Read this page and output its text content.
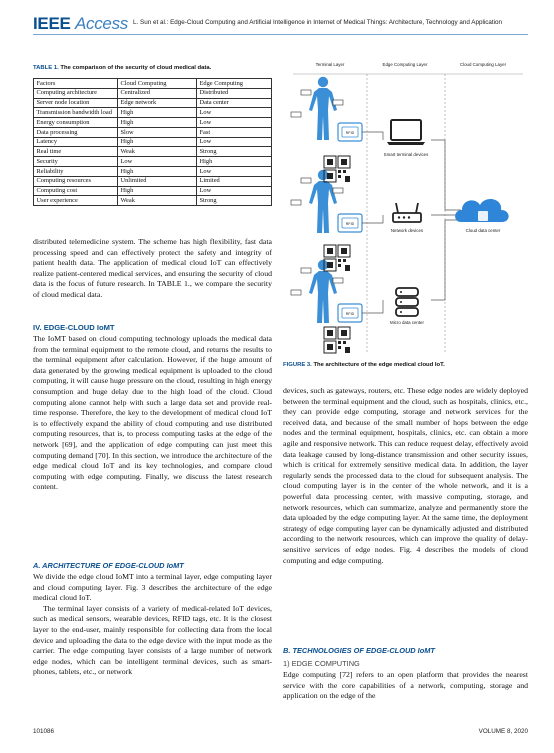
IEEE Access L. Sun et al.: Edge-Cloud Computing and Artificial Intelligence in Internet of Medical Things: Architecture, Technology and Application
TABLE 1. The comparison of the security of cloud medical data.
Factors	Cloud Computing	Edge Computing
Computing architecture	Centralized	Distributed
Server node location	Edge network	Data center
Transmission bandwidth load	High	Low
Energy consumption	High	Low
Data processing	Slow	Fast
Latency	High	Low
Real time	Weak	Strong
Security	Low	High
Reliability	High	Low
Computing resources	Unlimited	Limited
Computing cost	High	Low
User experience	Weak	Strong

distributed telemedicine system. The scheme has high flexibility, fast data processing speed and can effectively protect the safety and integrity of patient health data. The application of medical cloud IoT can effectively realize patient-centered medical services, and ensuring the security of cloud data is the focus of future research. In TABLE 1., we compare the security of cloud medical data.

IV. EDGE-CLOUD IoMT

The IoMT based on cloud computing technology uploads the medical data from the terminal equipment to the remote cloud, and returns the results to the terminal equipment after calculation. However, if the huge amount of data generated by the growing medical equipment is uploaded to the cloud computing, it will cause huge pressure on the cloud, resulting in high energy consumption and huge delay due to the high load of the cloud. Cloud computing alone cannot help with such a large data set and provide real-time response. Therefore, the key to the development of medical cloud IoT is to effectively expand the ability of cloud computing and use distributed computing resources, that is, to process computing tasks at the edge of the network [69], and the application of edge computing can just meet this computing demand [70]. In this section, we introduce the architecture of the edge medical cloud IoT and its key technologies, and compare cloud computing with edge computing. Finally, we discuss the latest research content.

A. ARCHITECTURE OF EDGE-CLOUD IoMT

We divide the edge cloud IoMT into a terminal layer, edge computing layer and cloud computing layer. Fig. 3 describes the architecture of the edge medical cloud IoT.

The terminal layer consists of a variety of medical-related IoT devices, such as medical sensors, wearable devices, RFID tags, etc. It is the closest layer to the end-user, mainly responsible for collecting data from the local device and uploading the data to the edge device with the input mode as the carrier. The edge computing layer consists of a large number of network edge nodes, which can be intelligent terminal devices, such as smart-phones, tablets, etc., or network

Terminal Layer	Edge Computing Layer	Cloud Computing Layer
RFID
RFID
RFID
Smart terminal devices
Network devices
Micro data center
Cloud data center
FIGURE 3. The architecture of the edge medical cloud IoT.

devices, such as gateways, routers, etc. These edge nodes are widely deployed between the terminal equipment and the cloud, such as hospitals, clinics, etc., they can provide edge computing, storage and network services for the received data, and because of the small number of hops between the edge nodes and the terminal equipment, hospitals, clinics, etc. can obtain a more agile and responsive network. This can reduce request delay, effectively avoid data leakage caused by long-distance transmission and other security issues, which is critical for extremely sensitive medical data. In addition, the layer regularly sends the processed data to the cloud for subsequent analysis. The cloud computing layer is in the center of the whole network, and it is a powerful data processing center, with massive computing, storage, and network resources, which can summarize, analyze and permanently store the data uploaded by the edge computing layer. At the same time, the deployment strategy of edge computing layer can be dynamically adjusted and distributed according to the network resources, which can improve the quality of delay-sensitive services of edge nodes. Fig. 4 describes the models of cloud computing and edge computing.

B. TECHNOLOGIES OF EDGE-CLOUD IoMT
1) EDGE COMPUTING

Edge computing [72] refers to an open platform that provides the nearest service with the core capabilities of a network, computing, storage and application on the edge of the

101086	VOLUME 8, 2020
